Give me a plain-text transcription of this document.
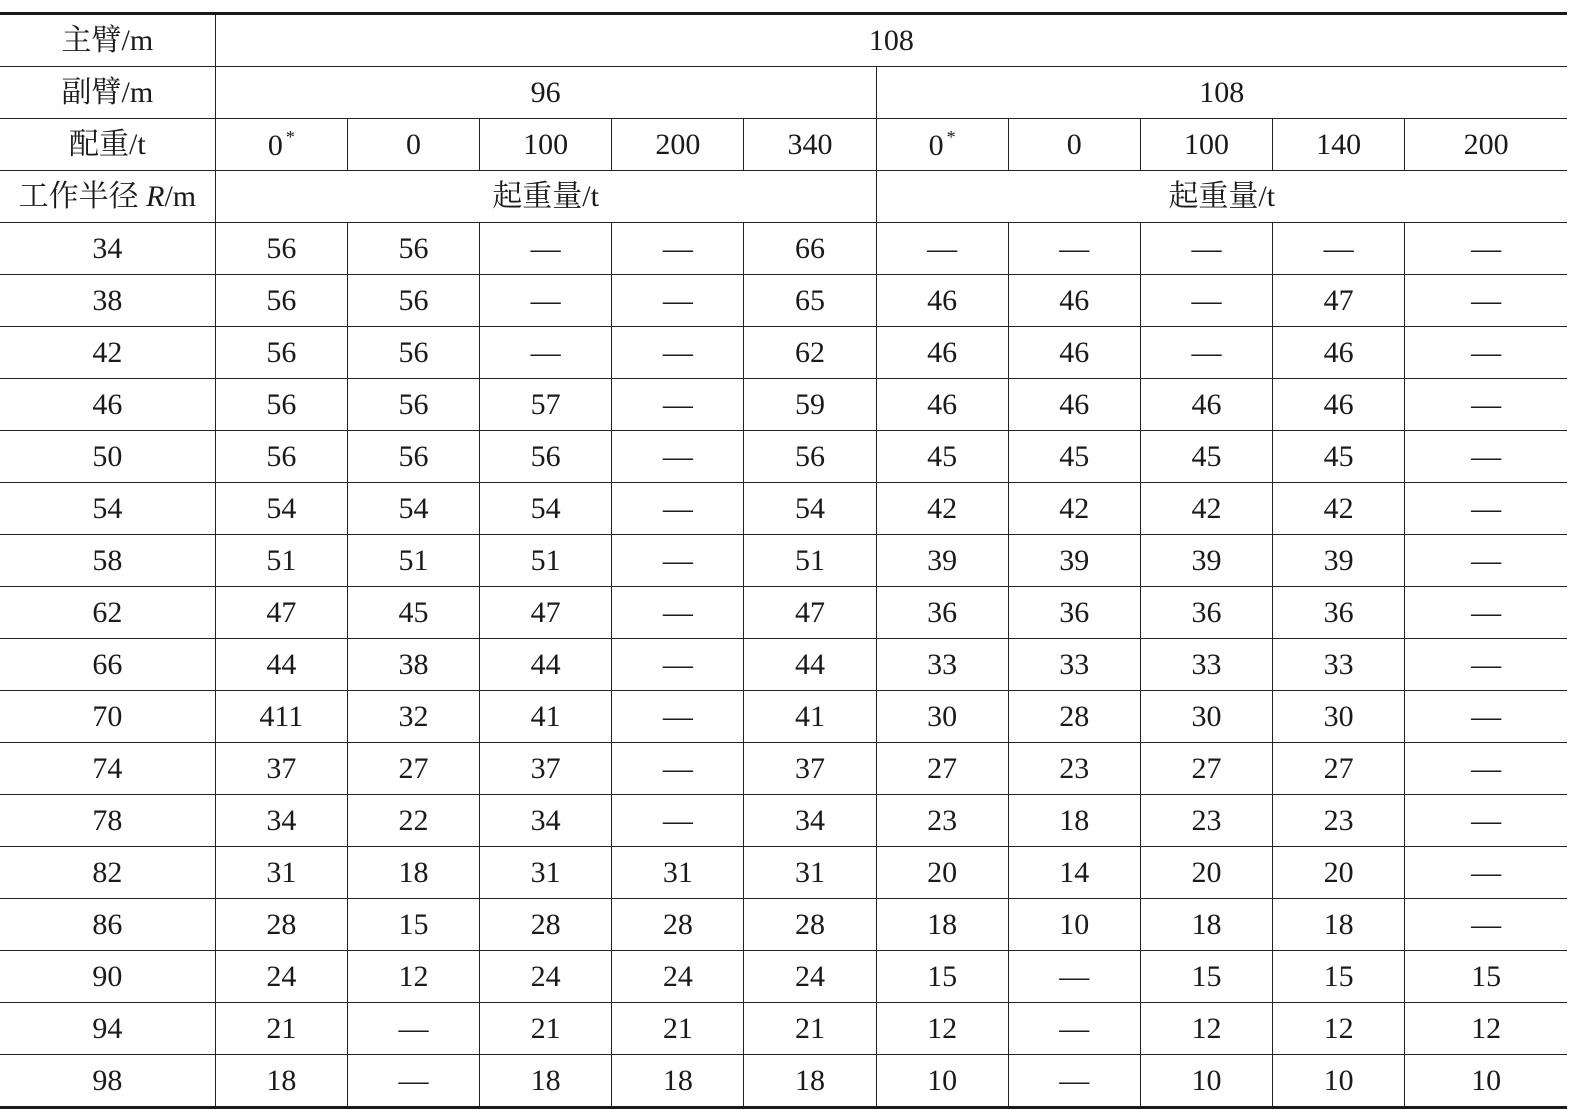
主臂/m	108									
副臂/m	96					108				
配重/t	0 *	0	100	200	340	0 *	0	100	140	200
工作半径 R/m	起重量/t					起重量/t				
34	56	56	—	—	66	—	—	—	—	—
38	56	56	—	—	65	46	46	—	47	—
42	56	56	—	—	62	46	46	—	46	—
46	56	56	57	—	59	46	46	46	46	—
50	56	56	56	—	56	45	45	45	45	—
54	54	54	54	—	54	42	42	42	42	—
58	51	51	51	—	51	39	39	39	39	—
62	47	45	47	—	47	36	36	36	36	—
66	44	38	44	—	44	33	33	33	33	—
70	411	32	41	—	41	30	28	30	30	—
74	37	27	37	—	37	27	23	27	27	—
78	34	22	34	—	34	23	18	23	23	—
82	31	18	31	31	31	20	14	20	20	—
86	28	15	28	28	28	18	10	18	18	—
90	24	12	24	24	24	15	—	15	15	15
94	21	—	21	21	21	12	—	12	12	12
98	18	—	18	18	18	10	—	10	10	10
